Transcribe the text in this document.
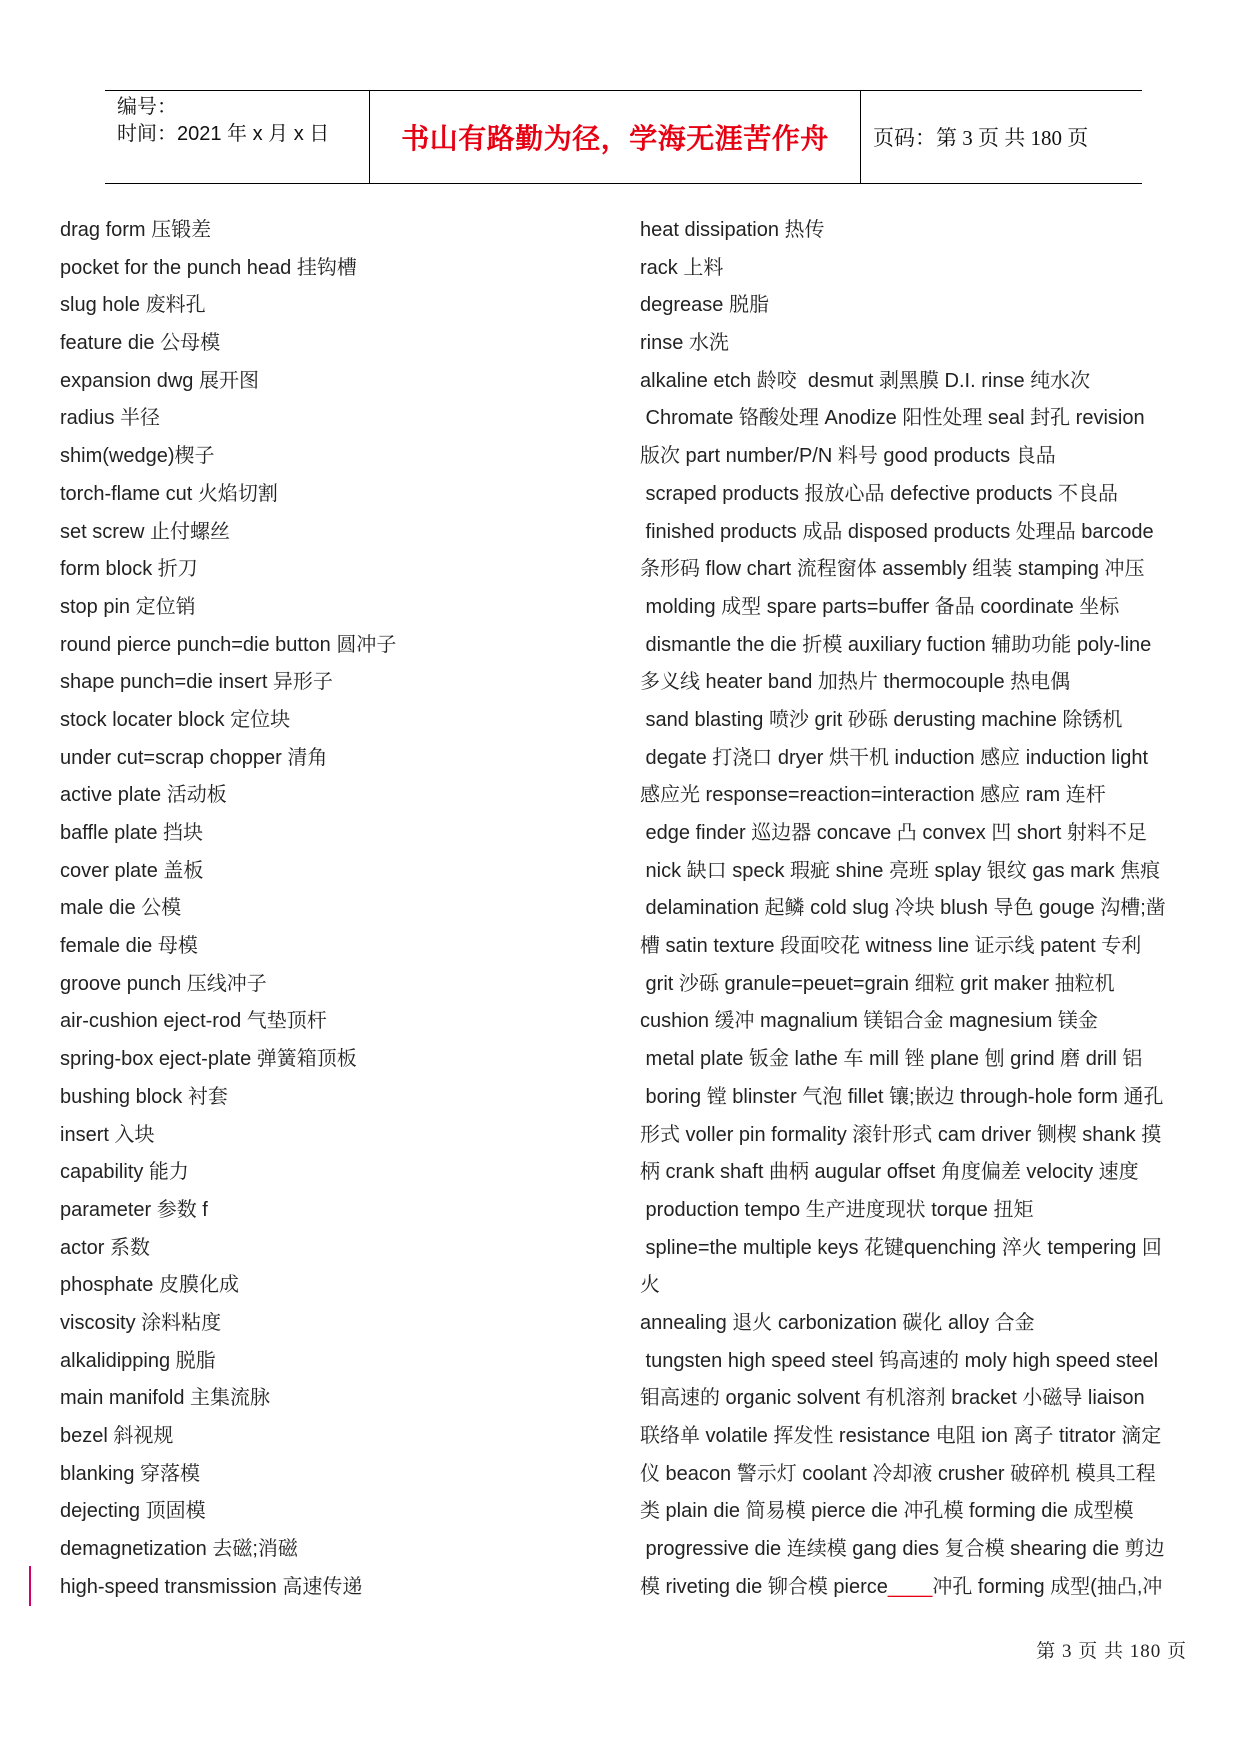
编号：
时间：2021 年 x 月 x 日	书山有路勤为径，学海无涯苦作舟 页码：第 3 页 共 180 页
drag form 压锻差
pocket for the punch head 挂钩槽
slug hole 废料孔
feature die 公母模
expansion dwg 展开图
radius 半径
shim(wedge)楔子
torch-flame cut 火焰切割
set screw 止付螺丝
form block 折刀
stop pin 定位销
round pierce punch=die button 圆冲子
shape punch=die insert 异形子
stock locater block 定位块
under cut=scrap chopper 清角
active plate 活动板
baffle plate 挡块
cover plate 盖板
male die 公模
female die 母模
groove punch 压线冲子
air-cushion eject-rod 气垫顶杆
spring-box eject-plate 弹簧箱顶板
bushing block 衬套
insert 入块
capability 能力
parameter 参数 f
actor 系数
phosphate 皮膜化成
viscosity 涂料粘度
alkalidipping 脱脂
main manifold 主集流脉
bezel 斜视规
blanking 穿落模
dejecting 顶固模
demagnetization 去磁;消磁
high-speed transmission 高速传递
heat dissipation 热传
rack 上料
degrease 脱脂
rinse 水洗
alkaline etch 龄咬  desmut 剥黑膜 D.I. rinse 纯水次
Chromate 铬酸处理 Anodize 阳性处理 seal 封孔 revision
版次 part number/P/N 料号 good products 良品
scraped products 报放心品 defective products 不良品
finished products 成品 disposed products 处理品 barcode
条形码 flow chart 流程窗体 assembly 组装 stamping 冲压
molding 成型 spare parts=buffer 备品 coordinate 坐标
dismantle the die 折模 auxiliary fuction 辅助功能 poly-line
多义线 heater band 加热片 thermocouple 热电偶
sand blasting 喷沙 grit 砂砾 derusting machine 除锈机
degate 打浇口 dryer 烘干机 induction 感应 induction light
感应光 response=reaction=interaction 感应 ram 连杆
edge finder 巡边器 concave 凸 convex 凹 short 射料不足
nick 缺口 speck 瑕疵 shine 亮班 splay 银纹 gas mark 焦痕
delamination 起鳞 cold slug 冷块 blush 导色 gouge 沟槽;凿
槽 satin texture 段面咬花 witness line 证示线 patent 专利
grit 沙砾 granule=peuet=grain 细粒 grit maker 抽粒机
cushion 缓冲 magnalium 镁铝合金 magnesium 镁金
metal plate 钣金 lathe 车 mill 锉 plane 刨 grind 磨 drill 铝
boring 镗 blinster 气泡 fillet 镶;嵌边 through-hole form 通孔
形式 voller pin formality 滚针形式 cam driver 铡楔 shank 摸
柄 crank shaft 曲柄 augular offset 角度偏差 velocity 速度
production tempo 生产进度现状 torque 扭矩
spline=the multiple keys 花键quenching 淬火 tempering 回
火
annealing 退火 carbonization 碳化 alloy 合金
tungsten high speed steel 钨高速的 moly high speed steel
钼高速的 organic solvent 有机溶剂 bracket 小磁导 liaison
联络单 volatile 挥发性 resistance 电阻 ion 离子 titrator 滴定
仪 beacon 警示灯 coolant 冷却液 crusher 破碎机 模具工程
类 plain die 简易模 pierce die 冲孔模 forming die 成型模
progressive die 连续模 gang dies 复合模 shearing die 剪边
模 riveting die 铆合模 pierce____冲孔 forming 成型(抽凸,冲
第 3 页 共 180 页
